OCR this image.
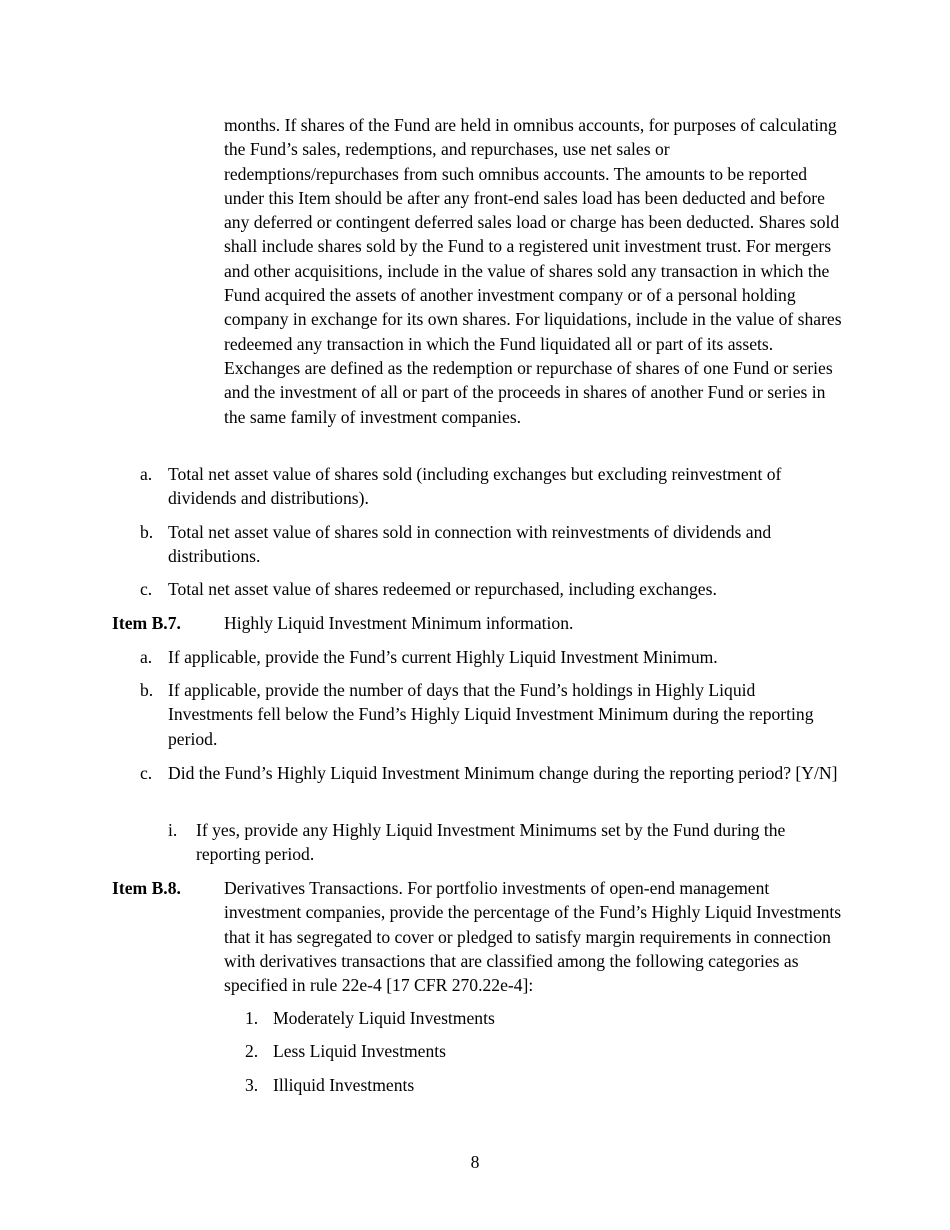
months. If shares of the Fund are held in omnibus accounts, for purposes of calculating the Fund’s sales, redemptions, and repurchases, use net sales or redemptions/repurchases from such omnibus accounts. The amounts to be reported under this Item should be after any front-end sales load has been deducted and before any deferred or contingent deferred sales load or charge has been deducted. Shares sold shall include shares sold by the Fund to a registered unit investment trust. For mergers and other acquisitions, include in the value of shares sold any transaction in which the Fund acquired the assets of another investment company or of a personal holding company in exchange for its own shares. For liquidations, include in the value of shares redeemed any transaction in which the Fund liquidated all or part of its assets. Exchanges are defined as the redemption or repurchase of shares of one Fund or series and the investment of all or part of the proceeds in shares of another Fund or series in the same family of investment companies.

a. Total net asset value of shares sold (including exchanges but excluding reinvestment of dividends and distributions).
b. Total net asset value of shares sold in connection with reinvestments of dividends and distributions.
c. Total net asset value of shares redeemed or repurchased, including exchanges.
Item B.7. Highly Liquid Investment Minimum information.
a. If applicable, provide the Fund’s current Highly Liquid Investment Minimum.
b. If applicable, provide the number of days that the Fund’s holdings in Highly Liquid Investments fell below the Fund’s Highly Liquid Investment Minimum during the reporting period.
c. Did the Fund’s Highly Liquid Investment Minimum change during the reporting period? [Y/N]
i. If yes, provide any Highly Liquid Investment Minimums set by the Fund during the reporting period.
Item B.8. Derivatives Transactions. For portfolio investments of open-end management investment companies, provide the percentage of the Fund’s Highly Liquid Investments that it has segregated to cover or pledged to satisfy margin requirements in connection with derivatives transactions that are classified among the following categories as specified in rule 22e-4 [17 CFR 270.22e-4]:
1. Moderately Liquid Investments
2. Less Liquid Investments
3. Illiquid Investments

8
